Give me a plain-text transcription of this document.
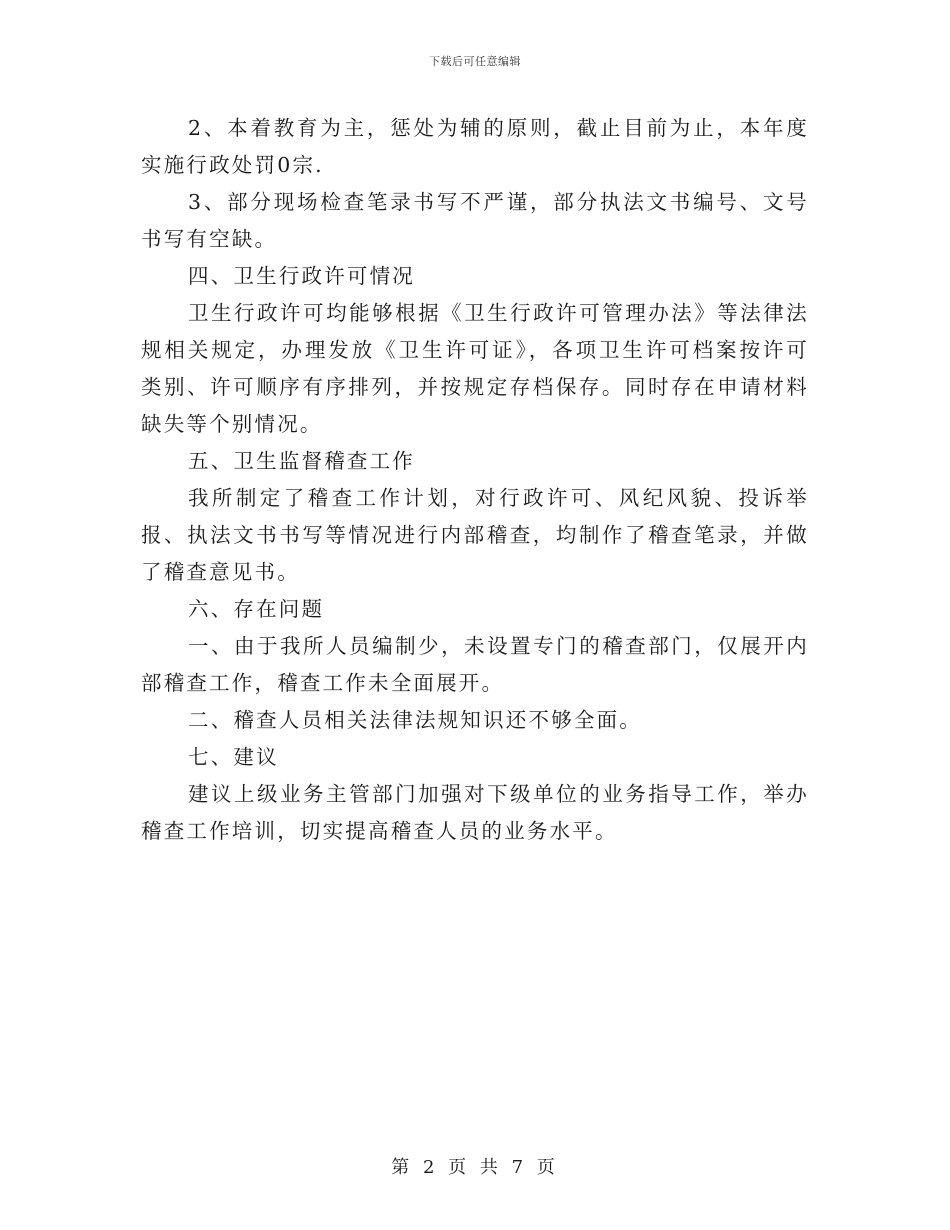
下载后可任意编辑

2、本着教育为主，惩处为辅的原则，截止目前为止，本年度实施行政处罚0宗.

3、部分现场检查笔录书写不严谨，部分执法文书编号、文号书写有空缺。

四、卫生行政许可情况

卫生行政许可均能够根据《卫生行政许可管理办法》等法律法规相关规定，办理发放《卫生许可证》，各项卫生许可档案按许可类别、许可顺序有序排列，并按规定存档保存。同时存在申请材料缺失等个别情况。

五、卫生监督稽查工作

我所制定了稽查工作计划，对行政许可、风纪风貌、投诉举报、执法文书书写等情况进行内部稽查，均制作了稽查笔录，并做了稽查意见书。

六、存在问题

一、由于我所人员编制少，未设置专门的稽查部门，仅展开内部稽查工作，稽查工作未全面展开。

二、稽查人员相关法律法规知识还不够全面。

七、建议

建议上级业务主管部门加强对下级单位的业务指导工作，举办稽查工作培训，切实提高稽查人员的业务水平。

第 2 页 共 7 页
